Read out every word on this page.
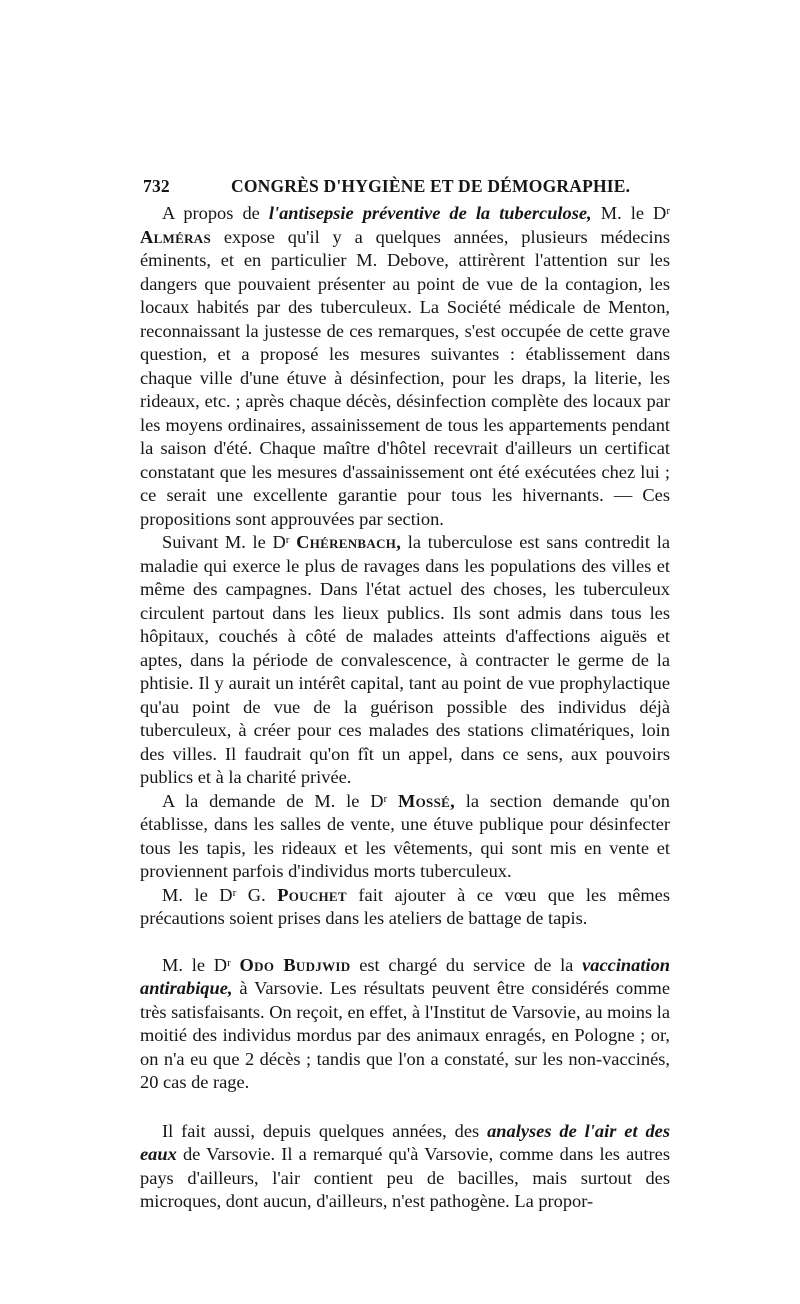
732	CONGRÈS D'HYGIÈNE ET DE DÉMOGRAPHIE.

A propos de l'antisepsie préventive de la tuberculose, M. le $D^r$ Alméras expose qu'il y a quelques années, plusieurs médecins éminents, et en particulier M. Debove, attirèrent l'attention sur les dangers que pouvaient présenter au point de vue de la contagion, les locaux habités par des tuberculeux. La Société médicale de Menton, reconnaissant la justesse de ces remarques, s'est occupée de cette grave question, et a proposé les mesures suivantes : établissement dans chaque ville d'une étuve à désinfection, pour les draps, la literie, les rideaux, etc. ; après chaque décès, désinfection complète des locaux par les moyens ordinaires, assainissement de tous les appartements pendant la saison d'été. Chaque maître d'hôtel recevrait d'ailleurs un certificat constatant que les mesures d'assainissement ont été exécutées chez lui ; ce serait une excellente garantie pour tous les hivernants. — Ces propositions sont approuvées par section.

Suivant M. le $D^r$ Chérenbach, la tuberculose est sans contredit la maladie qui exerce le plus de ravages dans les populations des villes et même des campagnes. Dans l'état actuel des choses, les tuberculeux circulent partout dans les lieux publics. Ils sont admis dans tous les hôpitaux, couchés à côté de malades atteints d'affections aiguës et aptes, dans la période de convalescence, à contracter le germe de la phtisie. Il y aurait un intérêt capital, tant au point de vue prophylactique qu'au point de vue de la guérison possible des individus déjà tuberculeux, à créer pour ces malades des stations climatériques, loin des villes. Il faudrait qu'on fît un appel, dans ce sens, aux pouvoirs publics et à la charité privée.

A la demande de M. le $D^r$ Mossé, la section demande qu'on établisse, dans les salles de vente, une étuve publique pour désinfecter tous les tapis, les rideaux et les vêtements, qui sont mis en vente et proviennent parfois d'individus morts tuberculeux.

M. le $D^r$ G. Pouchet fait ajouter à ce vœu que les mêmes précautions soient prises dans les ateliers de battage de tapis.

M. le $D^r$ Odo Budjwid est chargé du service de la vaccination antirabique, à Varsovie. Les résultats peuvent être considérés comme très satisfaisants. On reçoit, en effet, à l'Institut de Varsovie, au moins la moitié des individus mordus par des animaux enragés, en Pologne ; or, on n'a eu que 2 décès ; tandis que l'on a constaté, sur les non-vaccinés, 20 cas de rage.

Il fait aussi, depuis quelques années, des analyses de l'air et des eaux de Varsovie. Il a remarqué qu'à Varsovie, comme dans les autres pays d'ailleurs, l'air contient peu de bacilles, mais surtout des microques, dont aucun, d'ailleurs, n'est pathogène. La propor-
